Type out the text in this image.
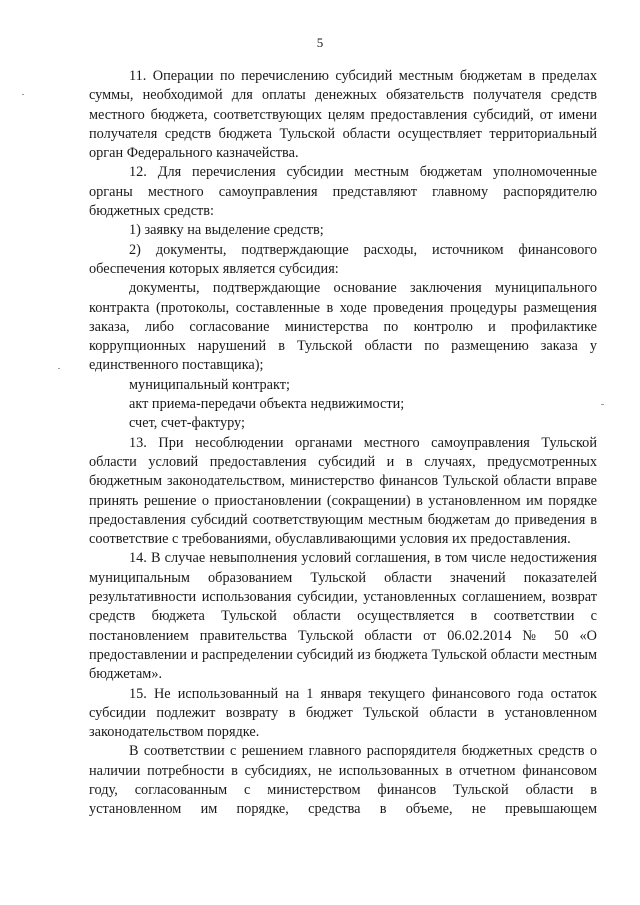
5

11. Операции по перечислению субсидий местным бюджетам в пределах суммы, необходимой для оплаты денежных обязательств получателя средств местного бюджета, соответствующих целям предоставления субсидий, от имени получателя средств бюджета Тульской области осуществляет территориальный орган Федерального казначейства.

12. Для перечисления субсидии местным бюджетам уполномоченные органы местного самоуправления представляют главному распорядителю бюджетных средств:

1) заявку на выделение средств;

2) документы, подтверждающие расходы, источником финансового обеспечения которых является субсидия:

документы, подтверждающие основание заключения муниципального контракта (протоколы, составленные в ходе проведения процедуры размещения заказа, либо согласование министерства по контролю и профилактике коррупционных нарушений в Тульской области по размещению заказа у единственного поставщика);

муниципальный контракт;

акт приема-передачи объекта недвижимости;

счет, счет-фактуру;

13. При несоблюдении органами местного самоуправления Тульской области условий предоставления субсидий и в случаях, предусмотренных бюджетным законодательством, министерство финансов Тульской области вправе принять решение о приостановлении (сокращении) в установленном им порядке предоставления субсидий соответствующим местным бюджетам до приведения в соответствие с требованиями, обуславливающими условия их предоставления.

14. В случае невыполнения условий соглашения, в том числе недостижения муниципальным образованием Тульской области значений показателей результативности использования субсидии, установленных соглашением, возврат средств бюджета Тульской области осуществляется в соответствии с постановлением правительства Тульской области от 06.02.2014 № 50 «О предоставлении и распределении субсидий из бюджета Тульской области местным бюджетам».

15. Не использованный на 1 января текущего финансового года остаток субсидии подлежит возврату в бюджет Тульской области в установленном законодательством порядке.

В соответствии с решением главного распорядителя бюджетных средств о наличии потребности в субсидиях, не использованных в отчетном финансовом году, согласованным с министерством финансов Тульской области в установленном им порядке, средства в объеме, не превышающем
